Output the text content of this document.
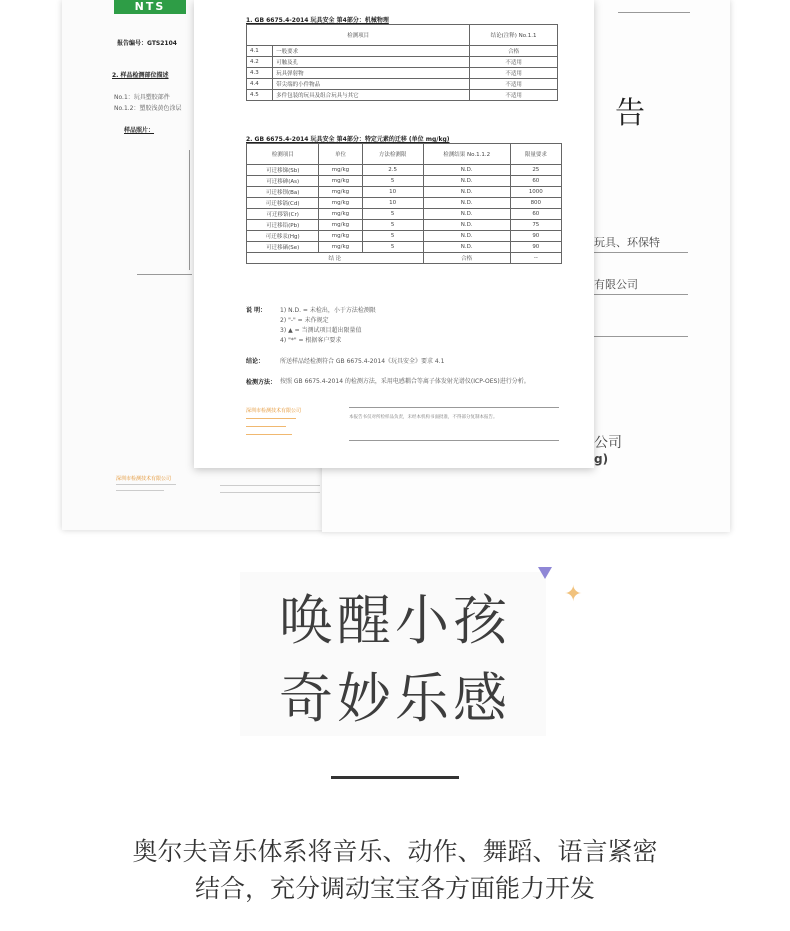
NTS
报告编号：GTS2104
2. 样品检测部位描述
No.1：玩具塑胶部件
No.1.2：塑胶浅黄色涂层
样品照片：
深圳市检测技术有限公司
告
玩具、环保特
有限公司
公司
g)
1. GB 6675.4-2014 玩具安全 第4部分：机械物理
检测项目		结论(注释) No.1.1
4.1	一般要求	合格
4.2	可触及孔	不适用
4.3	玩具弹射物	不适用
4.4	带尖端的小件物品	不适用
4.5	多件包装的玩具及组合玩具与其它	不适用
2. GB 6675.4-2014 玩具安全 第4部分：特定元素的迁移 (单位 mg/kg)
检测项目	单位	方法检测限	检测结果 No.1.1.2	限量要求
可迁移锑(Sb)	mg/kg	2.5	N.D.	25
可迁移砷(As)	mg/kg	5	N.D.	60
可迁移钡(Ba)	mg/kg	10	N.D.	1000
可迁移镉(Cd)	mg/kg	10	N.D.	800
可迁移铬(Cr)	mg/kg	5	N.D.	60
可迁移铅(Pb)	mg/kg	5	N.D.	75
可迁移汞(Hg)	mg/kg	5	N.D.	90
可迁移硒(Se)	mg/kg	5	N.D.	90
结 论			合格	--
说 明： 1) N.D. = 未检出，小于方法检测限
2) "-" = 未作规定
3) ▲ = 当测试项目超出限量值
4) "*" = 根据客户要求
结论：	所送样品经检测符合 GB 6675.4-2014《玩具安全》要求 4.1
检测方法： 按照 GB 6675.4-2014 的检测方法，采用电感耦合等离子体发射光谱仪(ICP-OES)进行分析。
深圳市检测技术有限公司
本报告书仅对所检样品负责，未经本机构书面批准，不得部分复制本报告。
✦
唤醒小孩
奇妙乐感
奥尔夫音乐体系将音乐、动作、舞蹈、语言紧密
结合，充分调动宝宝各方面能力开发
